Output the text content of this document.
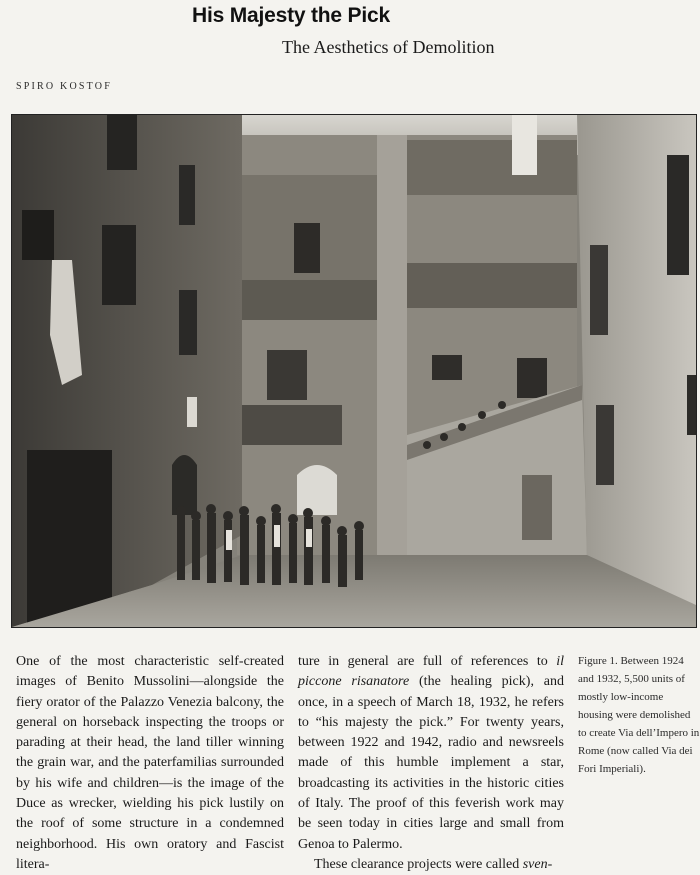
His Majesty the Pick
The Aesthetics of Demolition
SPIRO KOSTOF

One of the most characteristic self-created images of Benito Mussolini—alongside the fiery orator of the Palazzo Venezia balcony, the general on horseback inspecting the troops or parading at their head, the land tiller winning the grain war, and the paterfamilias surrounded by his wife and children—is the image of the Duce as wrecker, wielding his pick lustily on the roof of some structure in a condemned neighborhood. His own oratory and Fascist litera-

ture in general are full of references to il piccone risanatore (the healing pick), and once, in a speech of March 18, 1932, he refers to “his majesty the pick.” For twenty years, between 1922 and 1942, radio and newsreels made of this humble implement a star, broadcasting its activities in the historic cities of Italy. The proof of this feverish work may be seen today in cities large and small from Genoa to Palermo.

These clearance projects were called sven-

Figure 1. Between 1924 and 1932, 5,500 units of mostly low-income housing were demolished to create Via dell’Impero in Rome (now called Via dei Fori Imperiali).
